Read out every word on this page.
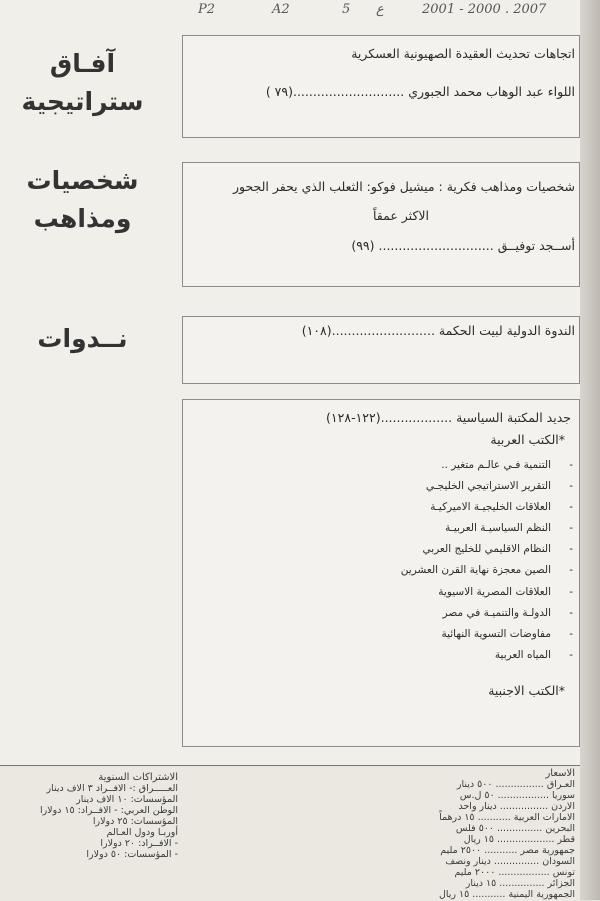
P2	A2	5 ع	2001 - 2000 . 2007
آفـاق
ستراتيجية
اتجاهات تحديث العقيدة الصهيونية العسكرية
اللواء عبد الوهاب محمد الجبوري ............................(٧٩ )
شخصيات
ومذاهب
شخصيات ومذاهب فكرية : ميشيل فوكو: الثعلب الذي يحفر الجحور
الاكثر عمقاً
أســجد توفيــق ............................. (٩٩)
نــدوات	الندوة الدولية لبيت الحكمة ..........................(١٠٨)
جديد المكتبة السياسية ..................(١٢٢-١٢٨)
*الكتب العربية
- التنمية فـي عالـم متغير ..
- التقرير الاستراتيجي الخليجـي
- العلاقات الخليجيـة الاميركيـة
- النظم السياسيـة العربيـة
- النظام الاقليمي للخليج العربي
- الصين معجزة نهاية القرن العشرين
- العلاقات المصرية الاسيوية
- الدولـة والتنميـة في مصر
- مفاوضات التسوية النهائية
- المياه العربية
*الكتب الاجنبية
الاشتراكات السنوية
العـــــراق :- الافــراد ٣ الاف دينار
المؤسسات: ١٠ الاف دينار
الوطن العربي: - الافــراد: ١٥ دولارا
المؤسسات: ٢٥ دولارا
أوربـا ودول العـالم
- الافــراد: ٢٠ دولارا
- المؤسسات: ٥٠ دولارا
الاسعار
العـراق ................ ٥٠٠ دينار
سوريا ................. ٥٠ ل.س
الاردن ................ دينار واحد
الامارات العربية ........... ١٥ درهماً
البحرين ............... ٥٠٠ فلس
قطر ................... ١٥ ريال
جمهورية مصر ........... ٢٥٠٠ مليم
السودان ............... دينار ونصف
تونس ................. ٢٠٠٠ مليم
الجزائر ............... ١٥ دينار
الجمهورية اليمنية ........... ١٥ ريال
